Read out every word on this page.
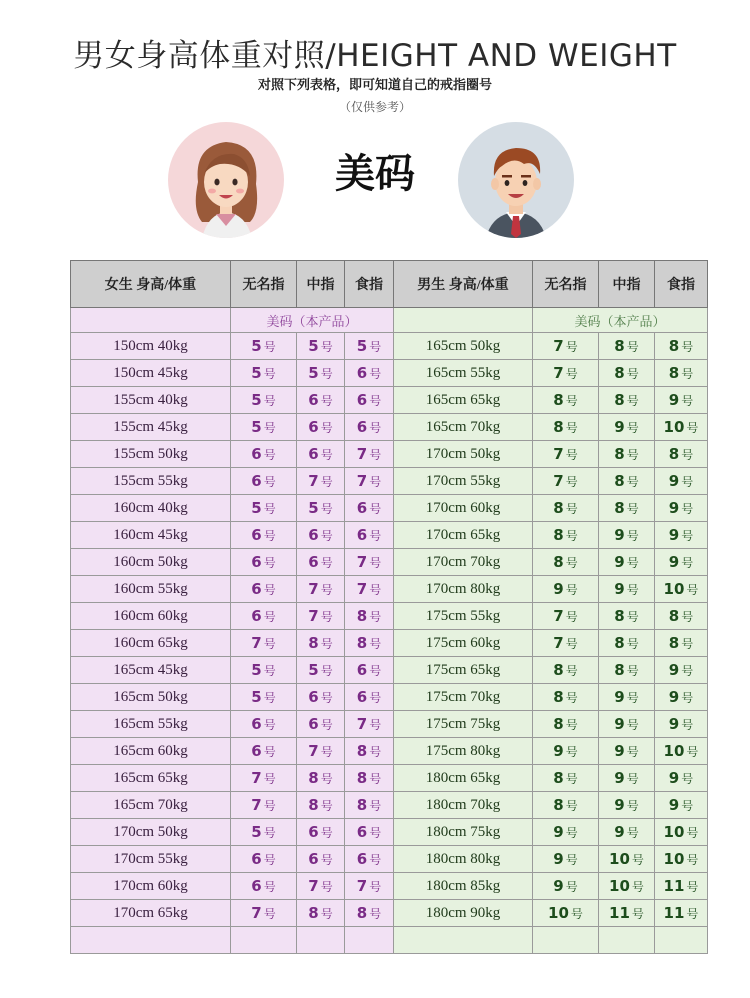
男女身高体重对照/HEIGHT AND WEIGHT
对照下列表格，即可知道自己的戒指圈号
（仅供参考）
美码
女生 身高/体重	无名指	中指	食指	男生 身高/体重	无名指	中指	食指
	美码（本产品）				美码（本产品）		
150cm 40kg	5 号	5 号	5 号	165cm 50kg	7 号	8 号	8 号
150cm 45kg	5 号	5 号	6 号	165cm 55kg	7 号	8 号	8 号
155cm 40kg	5 号	6 号	6 号	165cm 65kg	8 号	8 号	9 号
155cm 45kg	5 号	6 号	6 号	165cm 70kg	8 号	9 号	10 号
155cm 50kg	6 号	6 号	7 号	170cm 50kg	7 号	8 号	8 号
155cm 55kg	6 号	7 号	7 号	170cm 55kg	7 号	8 号	9 号
160cm 40kg	5 号	5 号	6 号	170cm 60kg	8 号	8 号	9 号
160cm 45kg	6 号	6 号	6 号	170cm 65kg	8 号	9 号	9 号
160cm 50kg	6 号	6 号	7 号	170cm 70kg	8 号	9 号	9 号
160cm 55kg	6 号	7 号	7 号	170cm 80kg	9 号	9 号	10 号
160cm 60kg	6 号	7 号	8 号	175cm 55kg	7 号	8 号	8 号
160cm 65kg	7 号	8 号	8 号	175cm 60kg	7 号	8 号	8 号
165cm 45kg	5 号	5 号	6 号	175cm 65kg	8 号	8 号	9 号
165cm 50kg	5 号	6 号	6 号	175cm 70kg	8 号	9 号	9 号
165cm 55kg	6 号	6 号	7 号	175cm 75kg	8 号	9 号	9 号
165cm 60kg	6 号	7 号	8 号	175cm 80kg	9 号	9 号	10 号
165cm 65kg	7 号	8 号	8 号	180cm 65kg	8 号	9 号	9 号
165cm 70kg	7 号	8 号	8 号	180cm 70kg	8 号	9 号	9 号
170cm 50kg	5 号	6 号	6 号	180cm 75kg	9 号	9 号	10 号
170cm 55kg	6 号	6 号	6 号	180cm 80kg	9 号	10 号	10 号
170cm 60kg	6 号	7 号	7 号	180cm 85kg	9 号	10 号	11 号
170cm 65kg	7 号	8 号	8 号	180cm 90kg	10 号	11 号	11 号
